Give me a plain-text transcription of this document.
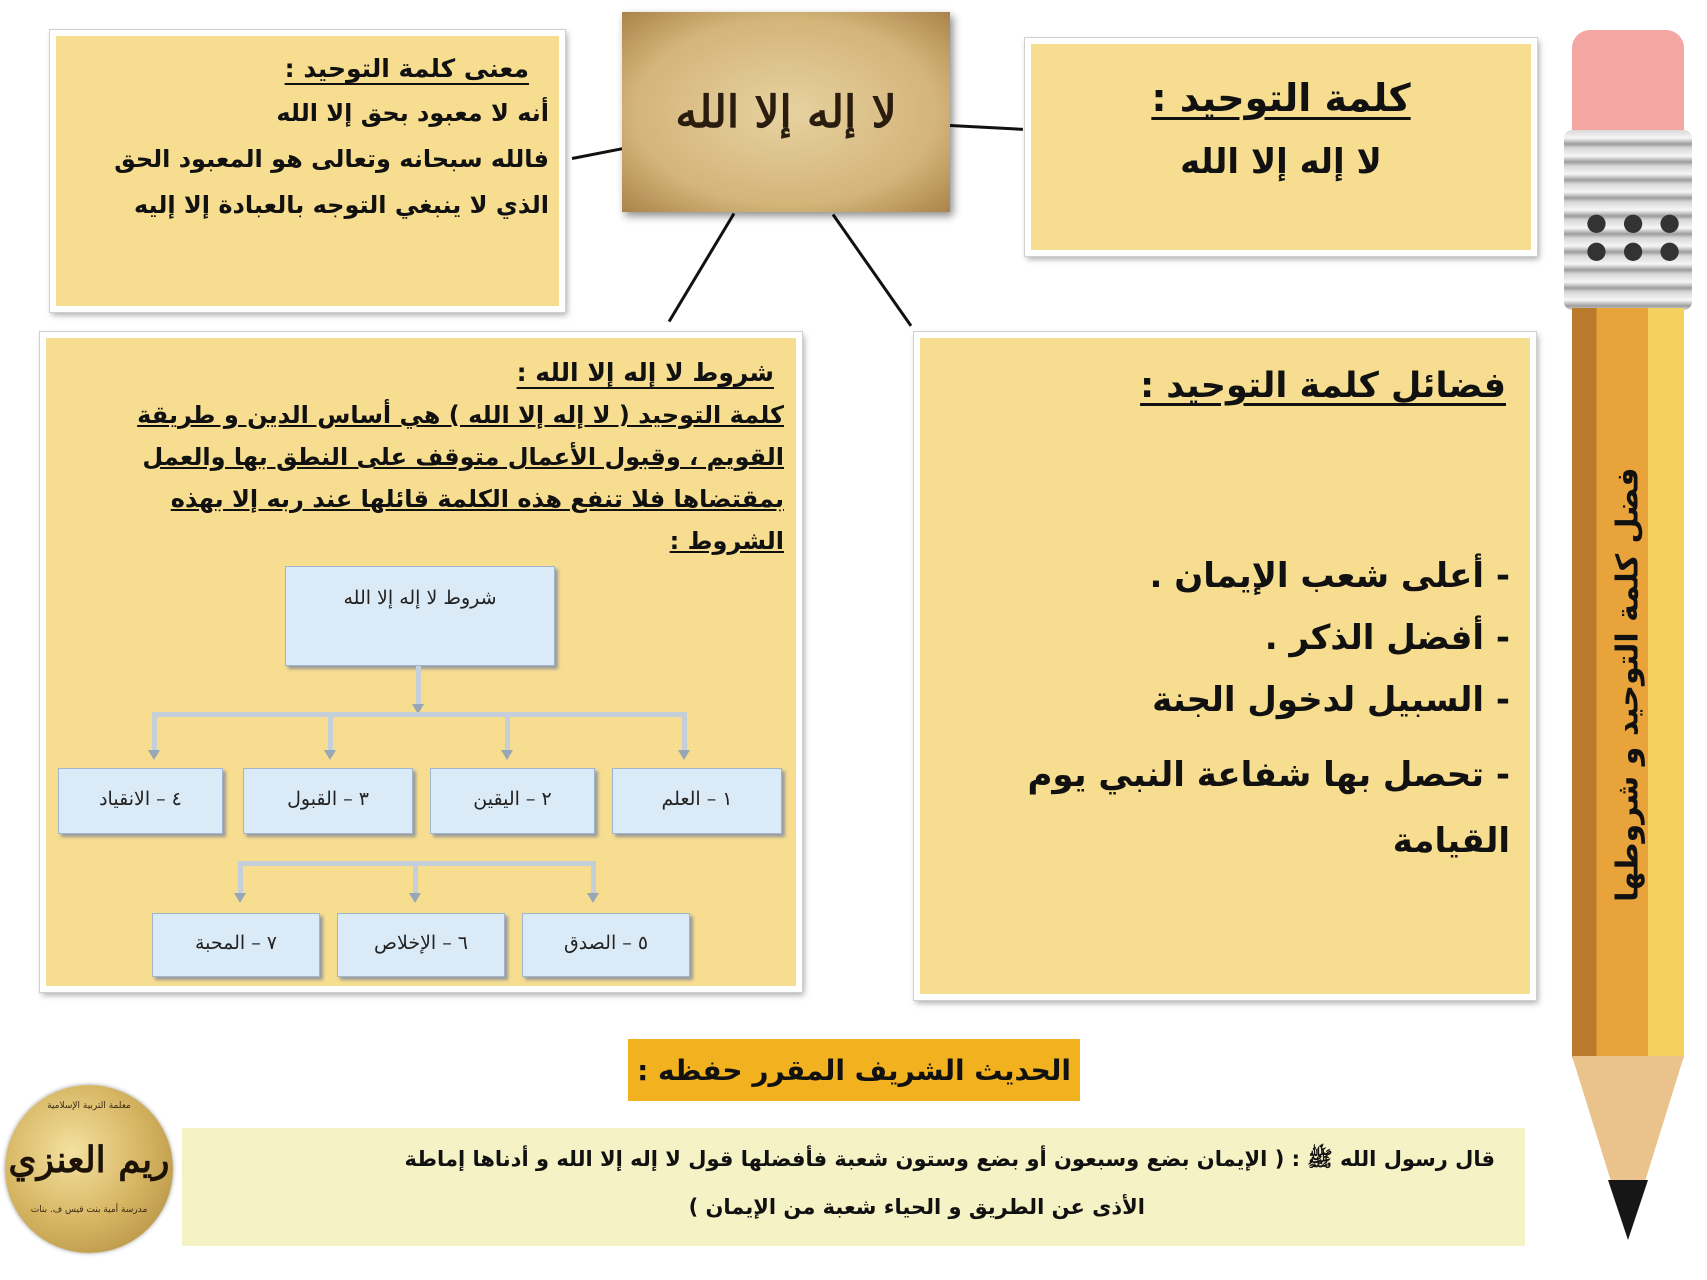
لا إله إلا الله	كلمة التوحيد :
لا إله إلا الله
معنى كلمة التوحيد :
أنه لا معبود بحق إلا الله
فالله سبحانه وتعالى هو المعبود الحق
الذي لا ينبغي التوجه بالعبادة إلا إليه
شروط لا إله إلا الله :
كلمة التوحيد ( لا إله إلا الله ) هي أساس الدين و طريقة
القويم ، وقبول الأعمال متوقف على النطق بها والعمل
بمقتضاها فلا تنفع هذه الكلمة قائلها عند ربه إلا بهذه
الشروط :
شروط لا إله إلا الله
١ – العلم
٢ – اليقين
٣ – القبول
٤ – الانقياد
٥ – الصدق
٦ – الإخلاص
٧ – المحبة
فضائل كلمة التوحيد :
- أعلى شعب الإيمان .
- أفضل الذكر .
- السبيل لدخول الجنة
- تحصل بها شفاعة النبي يوم القيامة
● ● ● ● ● ●
فضل كلمة التوحيد و شروطها
الحديث الشريف المقرر حفظه :
قال رسول الله ﷺ : ( الإيمان بضع وسبعون أو بضع وستون شعبة فأفضلها قول لا إله إلا الله و أدناها إماطة
الأذى عن الطريق و الحياء شعبة من الإيمان )
معلمة التربية الإسلامية
ريم العنزي
مدرسة أمية بنت قيس ف. بنات
